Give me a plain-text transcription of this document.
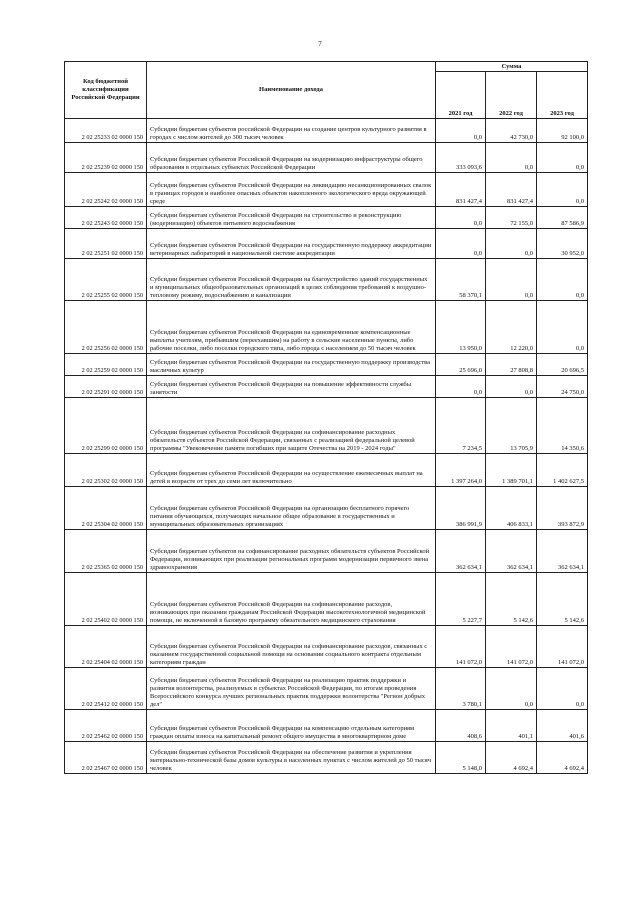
7
Код бюджетной классификации Российской Федерации	Наименование дохода	Сумма		
		2021 год	2022 год	2023 год
2 02 25233 02 0000 150	Субсидии бюджетам субъектов российской Федерации на создание центров культурного развития в городах с числом жителей до 300 тысяч человек	0,0	42 730,0	92 100,0
2 02 25239 02 0000 150	Субсидии бюджетам субъектов Российской Федерации на модернизацию инфраструктуры общего образования в отдельных субъектах Российской Федерации	333 093,6	0,0	0,0
2 02 25242 02 0000 150	Субсидии бюджетам субъектов Российской Федерации на ликвидацию несанкционированных свалок в границах городов и наиболее опасных объектов накопленного экологического вреда окружающей среде	831 427,4	831 427,4	0,0
2 02 25243 02 0000 150	Субсидии бюджетам субъектов Российской Федерации на строительство и реконструкцию (модернизацию) объектов питьевого водоснабжения	0,0	72 155,0	87 586,9
2 02 25251 02 0000 150	Субсидии бюджетам субъектов Российской Федерации на государственную поддержку аккредитации ветеринарных лабораторий в национальной системе аккредитации	0,0	0,0	30 952,0
2 02 25255 02 0000 150	Субсидии бюджетам субъектов Российской Федерации на благоустройство зданий государственных и муниципальных общеобразовательных организаций в целях соблюдения требований к воздушно-тепловому режиму, водоснабжению и канализации	58 370,1	0,0	0,0
2 02 25256 02 0000 150	Субсидии бюджетам субъектов Российской Федерации на единовременные компенсационные выплаты учителям, прибывшим (переехавшим) на работу в сельские населенные пункты, либо рабочие поселки, либо поселки городского типа, либо города с населением до 50 тысяч человек	13 950,0	12 220,0	0,0
2 02 25259 02 0000 150	Субсидии бюджетам субъектов Российской Федерации на государственную поддержку производства масличных культур	25 696,0	27 808,8	20 696,5
2 02 25291 02 0000 150	Субсидии бюджетам субъектов Российской Федерации на повышение эффективности службы занятости	0,0	0,0	24 750,0
2 02 25299 02 0000 150	Субсидии бюджетам субъектов Российской Федерации на софинансирование расходных обязательств субъектов Российской Федерации, связанных с реализацией федеральной целевой программы "Увековечение памяти погибших при защите Отечества на 2019 - 2024 годы"	7 234,5	13 705,9	14 350,6
2 02 25302 02 0000 150	Субсидии бюджетам субъектов Российской Федерации на осуществление ежемесячных выплат на детей в возрасте от трех до семи лет включительно	1 397 264,0	1 389 701,1	1 402 627,5
2 02 25304 02 0000 150	Субсидии бюджетам субъектов Российской Федерации на организацию бесплатного горячего питания обучающихся, получающих начальное общее образование в государственных и муниципальных образовательных организациях	386 991,9	406 833,1	393 872,9
2 02 25365 02 0000 150	Субсидии бюджетам субъектов на софинансирование расходных обязательств субъектов Российской Федерации, возникающих при реализации региональных программ модернизации первичного звена здравоохранения	362 634,1	362 634,1	362 634,1
2 02 25402 02 0000 150	Субсидии бюджетам субъектов Российской Федерации на софинансирование расходов, возникающих при оказании гражданам Российской Федерации высокотехнологичной медицинской помощи, не включенной в базовую программу обязательного медицинского страхования	5 227,7	5 142,6	5 142,6
2 02 25404 02 0000 150	Субсидии бюджетам субъектов Российской Федерации на софинансирование расходов, связанных с оказанием государственной социальной помощи на основании социального контракта отдельным категориям граждан	141 072,0	141 072,0	141 072,0
2 02 25412 02 0000 150	Субсидии бюджетам субъектов Российской Федерации на реализацию практик поддержки и развития волонтерства, реализуемых в субъектах Российской Федерации, по итогам проведения Всероссийского конкурса лучших региональных практик поддержки волонтерства "Регион добрых дел"	3 780,1	0,0	0,0
2 02 25462 02 0000 150	Субсидии бюджетам субъектов Российской Федерации на компенсацию отдельным категориям граждан оплаты взноса на капитальный ремонт общего имущества в многоквартирном доме	408,6	401,1	401,6
2 02 25467 02 0000 150	Субсидии бюджетам субъектов Российской Федерации на обеспечение развития и укрепления материально-технической базы домов культуры в населенных пунктах с числом жителей до 50 тысяч человек	5 148,0	4 692,4	4 692,4
